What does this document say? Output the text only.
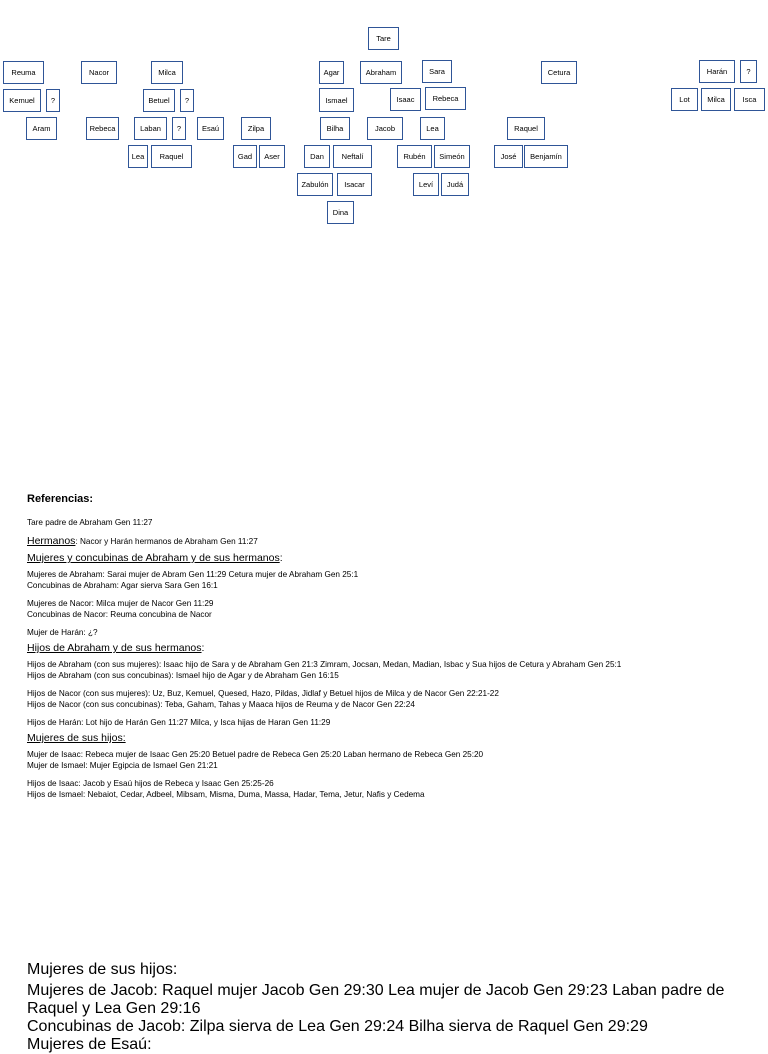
Tare
Reuma	Nacor	Milca	Agar	Abraham	Sara	Cetura	Harán	?
Kemuel	?	Betuel	?	Ismael	Isaac	Rebeca	Lot	Milca	Isca
Aram	Rebeca	Laban	?	Esaú	Zilpa	Bilha	Jacob	Lea	Raquel
Lea	Raquel	Gad	Aser	Dan	Neftalí	Rubén	Simeón	José	Benjamín
Zabulón	Isacar	Leví	Judá
Dina
Referencias:
Tare padre de Abraham Gen 11:27
Hermanos: Nacor y Harán hermanos de Abraham Gen 11:27
Mujeres y concubinas de Abraham y de sus hermanos:
Mujeres de Abraham: Sarai mujer de Abram Gen 11:29 Cetura mujer de Abraham Gen 25:1
Concubinas de Abraham: Agar sierva Sara Gen 16:1
Mujeres de Nacor: Milca mujer de Nacor Gen 11:29
Concubinas de Nacor: Reuma concubina de Nacor
Mujer de Harán: ¿?
Hijos de Abraham y de sus hermanos:
Hijos de Abraham (con sus mujeres): Isaac hijo de Sara y de Abraham Gen 21:3 Zimram, Jocsan, Medan, Madian, Isbac y Sua hijos de Cetura y Abraham Gen 25:1
Hijos de Abraham (con sus concubinas): Ismael hijo de Agar y de Abraham Gen 16:15
Hijos de Nacor (con sus mujeres): Uz, Buz, Kemuel, Quesed, Hazo, Pildas, Jidlaf y Betuel hijos de Milca y de Nacor Gen 22:21-22
Hijos de Nacor (con sus concubinas): Teba, Gaham, Tahas y Maaca hijos de Reuma y de Nacor Gen 22:24
Hijos de Harán: Lot hijo de Harán Gen 11:27 Milca, y Isca hijas de Haran Gen 11:29
Mujeres de sus hijos:
Mujer de Isaac: Rebeca mujer de Isaac Gen 25:20 Betuel padre de Rebeca Gen 25:20 Laban hermano de Rebeca Gen 25:20
Mujer de Ismael: Mujer Egipcia de Ismael Gen 21:21
Hijos de Isaac: Jacob y Esaú hijos de Rebeca y Isaac Gen 25:25-26
Hijos de Ismael: Nebaiot, Cedar, Adbeel, Mibsam, Misma, Duma, Massa, Hadar, Tema, Jetur, Nafis y Cedema
Mujeres de sus hijos:
Mujeres de Jacob: Raquel mujer Jacob Gen 29:30 Lea mujer de Jacob Gen 29:23 Laban padre de Raquel y Lea Gen 29:16
Concubinas de Jacob: Zilpa sierva de Lea Gen 29:24 Bilha sierva de Raquel Gen 29:29
Mujeres de Esaú:
